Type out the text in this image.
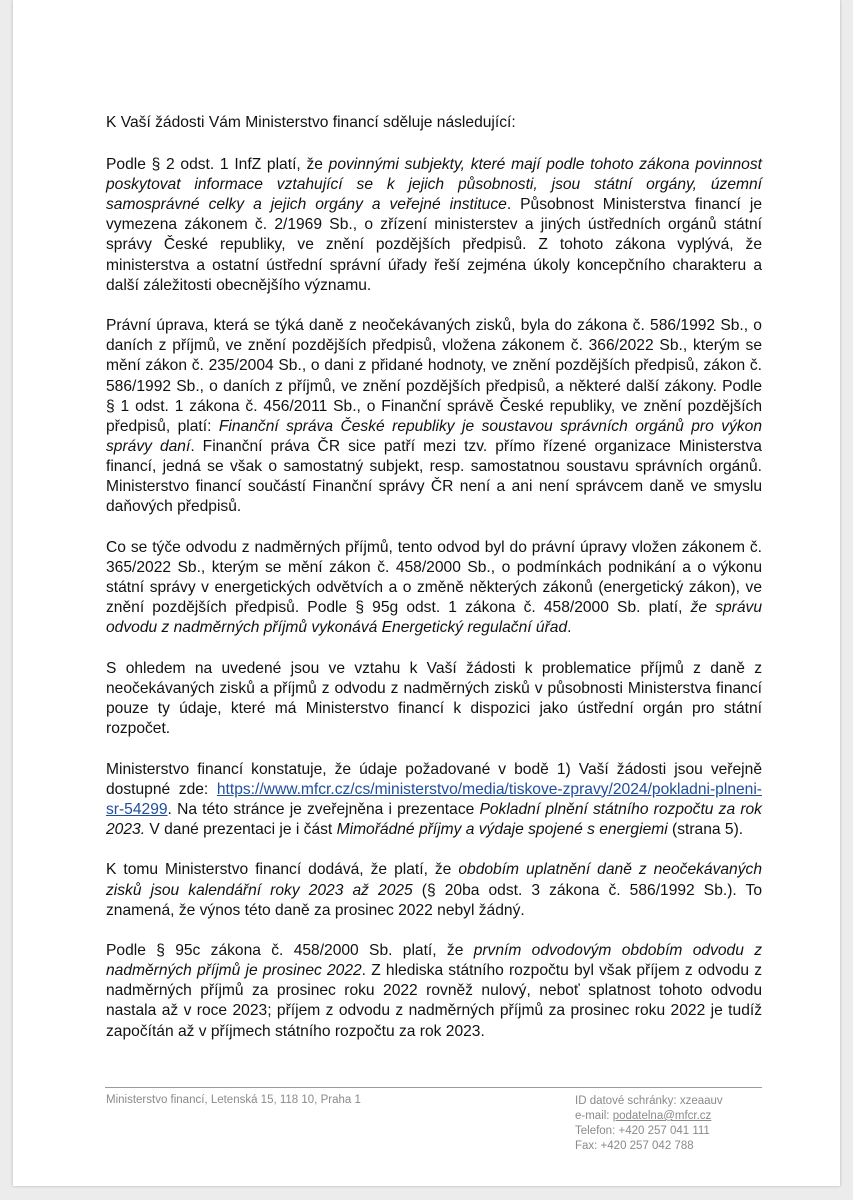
K Vaší žádosti Vám Ministerstvo financí sděluje následující:

Podle § 2 odst. 1 InfZ platí, že povinnými subjekty, které mají podle tohoto zákona povinnost poskytovat informace vztahující se k jejich působnosti, jsou státní orgány, územní samosprávné celky a jejich orgány a veřejné instituce. Působnost Ministerstva financí je vymezena zákonem č. 2/1969 Sb., o zřízení ministerstev a jiných ústředních orgánů státní správy České republiky, ve znění pozdějších předpisů. Z tohoto zákona vyplývá, že ministerstva a ostatní ústřední správní úřady řeší zejména úkoly koncepčního charakteru a další záležitosti obecnějšího významu.

Právní úprava, která se týká daně z neočekávaných zisků, byla do zákona č. 586/1992 Sb., o daních z příjmů, ve znění pozdějších předpisů, vložena zákonem č. 366/2022 Sb., kterým se mění zákon č. 235/2004 Sb., o dani z přidané hodnoty, ve znění pozdějších předpisů, zákon č. 586/1992 Sb., o daních z příjmů, ve znění pozdějších předpisů, a některé další zákony. Podle § 1 odst. 1 zákona č. 456/2011 Sb., o Finanční správě České republiky, ve znění pozdějších předpisů, platí: Finanční správa České republiky je soustavou správních orgánů pro výkon správy daní. Finanční práva ČR sice patří mezi tzv. přímo řízené organizace Ministerstva financí, jedná se však o samostatný subjekt, resp. samostatnou soustavu správních orgánů. Ministerstvo financí součástí Finanční správy ČR není a ani není správcem daně ve smyslu daňových předpisů.

Co se týče odvodu z nadměrných příjmů, tento odvod byl do právní úpravy vložen zákonem č. 365/2022 Sb., kterým se mění zákon č. 458/2000 Sb., o podmínkách podnikání a o výkonu státní správy v energetických odvětvích a o změně některých zákonů (energetický zákon), ve znění pozdějších předpisů. Podle § 95g odst. 1 zákona č. 458/2000 Sb. platí, že správu odvodu z nadměrných příjmů vykonává Energetický regulační úřad.

S ohledem na uvedené jsou ve vztahu k Vaší žádosti k problematice příjmů z daně z neočekávaných zisků a příjmů z odvodu z nadměrných zisků v působnosti Ministerstva financí pouze ty údaje, které má Ministerstvo financí k dispozici jako ústřední orgán pro státní rozpočet.

Ministerstvo financí konstatuje, že údaje požadované v bodě 1) Vaší žádosti jsou veřejně dostupné zde: https://www.mfcr.cz/cs/ministerstvo/media/tiskove-zpravy/2024/pokladni-plneni-sr-54299. Na této stránce je zveřejněna i prezentace Pokladní plnění státního rozpočtu za rok 2023. V dané prezentaci je i část Mimořádné příjmy a výdaje spojené s energiemi (strana 5).

K tomu Ministerstvo financí dodává, že platí, že obdobím uplatnění daně z neočekávaných zisků jsou kalendářní roky 2023 až 2025 (§ 20ba odst. 3 zákona č. 586/1992 Sb.). To znamená, že výnos této daně za prosinec 2022 nebyl žádný.

Podle § 95c zákona č. 458/2000 Sb. platí, že prvním odvodovým obdobím odvodu z nadměrných příjmů je prosinec 2022. Z hlediska státního rozpočtu byl však příjem z odvodu z nadměrných příjmů za prosinec roku 2022 rovněž nulový, neboť splatnost tohoto odvodu nastala až v roce 2023; příjem z odvodu z nadměrných příjmů za prosinec roku 2022 je tudíž započítán až v příjmech státního rozpočtu za rok 2023.

Ministerstvo financí, Letenská 15, 118 10, Praha 1	ID datové schránky: xzeaauv
e-mail: podatelna@mfcr.cz
Telefon: +420 257 041 111
Fax: +420 257 042 788
